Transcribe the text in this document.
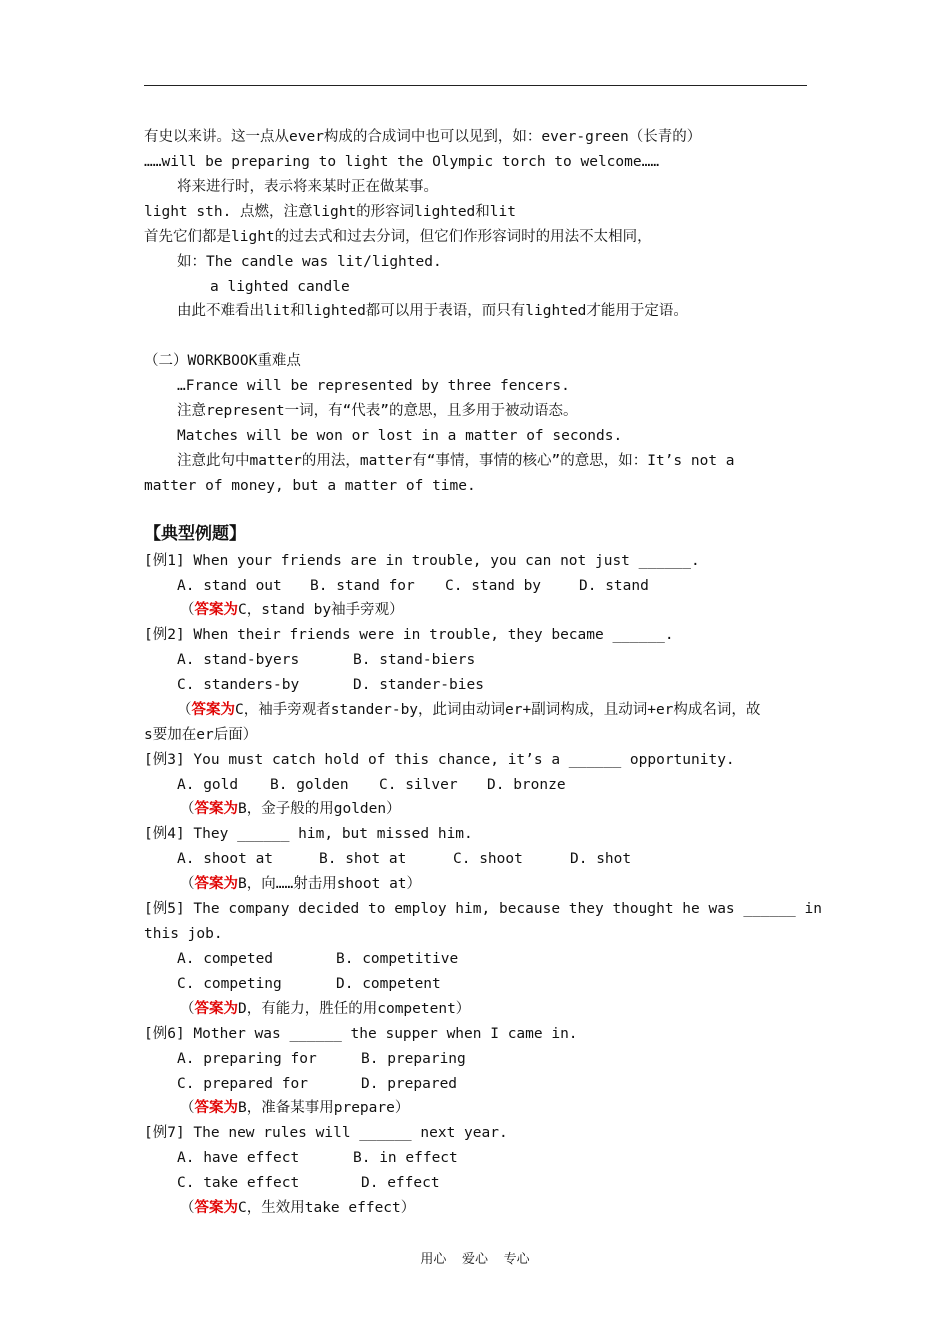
有史以来讲。这一点从ever构成的合成词中也可以见到，如：ever-green（长青的）
……will be preparing to light the Olympic torch to welcome……
将来进行时，表示将来某时正在做某事。
light sth. 点燃，注意light的形容词lighted和lit
首先它们都是light的过去式和过去分词，但它们作形容词时的用法不太相同，
如：The candle was lit/lighted.
a lighted candle
由此不难看出lit和lighted都可以用于表语，而只有lighted才能用于定语。
（二）WORKBOOK重难点
…France will be represented by three fencers.
注意represent一词，有“代表”的意思，且多用于被动语态。
Matches will be won or lost in a matter of seconds.
注意此句中matter的用法，matter有“事情，事情的核心”的意思，如：It’s not a
matter of money, but a matter of time.
【典型例题】
[例1] When your friends are in trouble, you can not just ______.
A. stand out B. stand for C. stand by	D. stand
（答案为C，stand by袖手旁观）
[例2] When their friends were in trouble, they became ______.
A. stand-byers	B. stand-biers
C. standers-by	D. stander-bies
（答案为C，袖手旁观者stander-by，此词由动词er+副词构成，且动词+er构成名词，故
s要加在er后面）
[例3] You must catch hold of this chance, it’s a ______ opportunity.
A. gold B. golden C. silver D. bronze
（答案为B，金子般的用golden）
[例4] They ______ him, but missed him.
A. shoot at	B. shot at	C. shoot	D. shot
（答案为B，向……射击用shoot at）
[例5] The company decided to employ him, because they thought he was ______ in
this job.
A. competed	B. competitive
C. competing	D. competent
（答案为D，有能力，胜任的用competent）
[例6] Mother was ______ the supper when I came in.
A. preparing for	B. preparing
C. prepared for	D. prepared
（答案为B，准备某事用prepare）
[例7] The new rules will ______ next year.
A. have effect	B. in effect
C. take effect	D. effect
（答案为C，生效用take effect）
用心  爱心  专心
